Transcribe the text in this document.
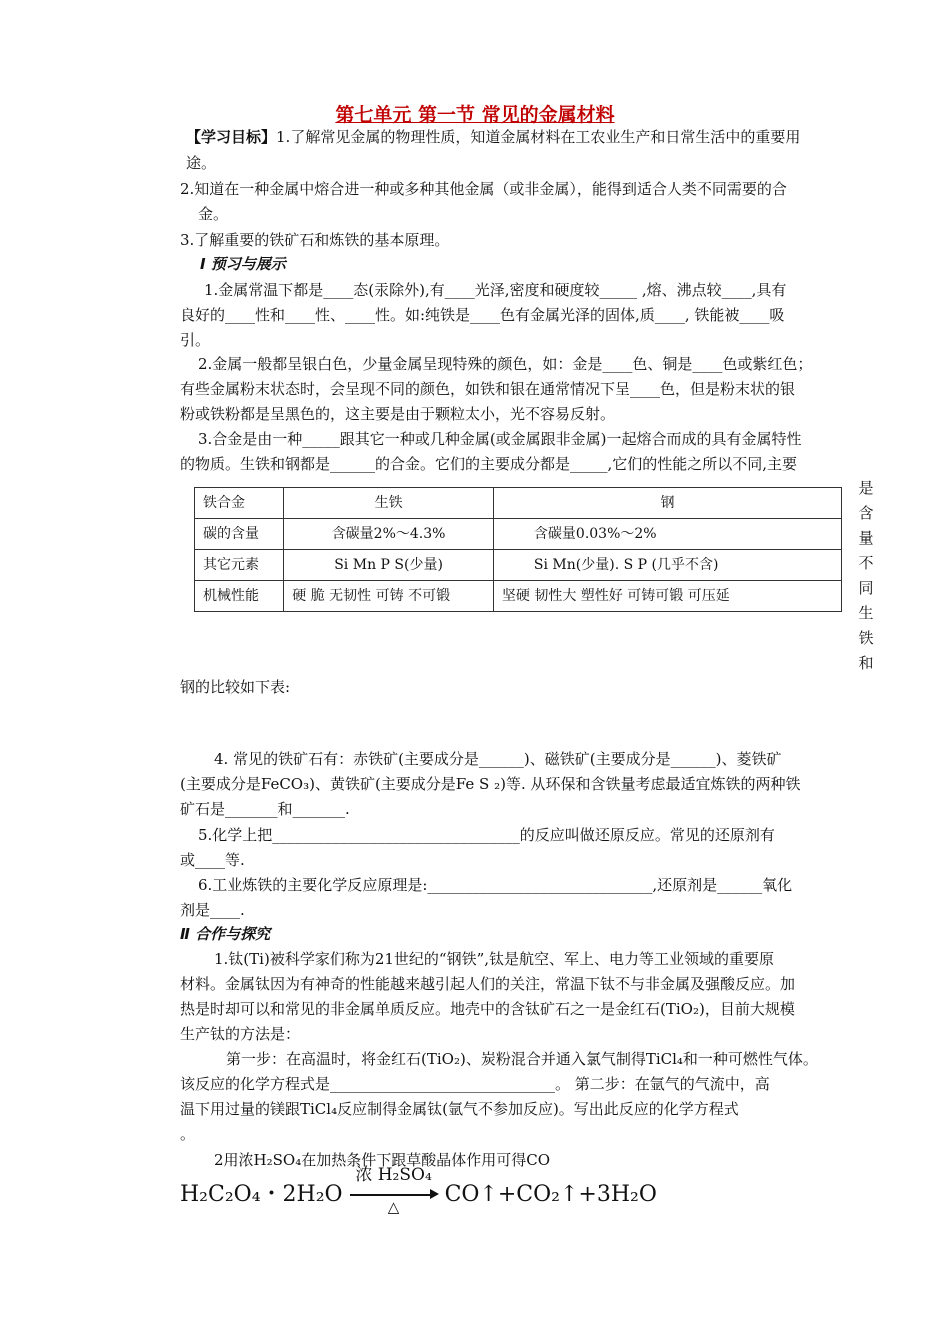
第七单元 第一节 常见的金属材料
【学习目标】1.了解常见金属的物理性质，知道金属材料在工农业生产和日常生活中的重要用
途。
2.知道在一种金属中熔合进一种或多种其他金属（或非金属），能得到适合人类不同需要的合
金。
3.了解重要的铁矿石和炼铁的基本原理。
Ⅰ 预习与展示
1.金属常温下都是____态(汞除外),有____光泽,密度和硬度较_____ ,熔、沸点较____,具有
良好的____性和____性、____性。如:纯铁是____色有金属光泽的固体,质____, 铁能被____吸
引。
2.金属一般都呈银白色，少量金属呈现特殊的颜色，如：金是____色、铜是____色或紫红色；
有些金属粉末状态时，会呈现不同的颜色，如铁和银在通常情况下呈____色，但是粉末状的银
粉或铁粉都是呈黑色的，这主要是由于颗粒太小，光不容易反射。
3.合金是由一种_____跟其它一种或几种金属(或金属跟非金属)一起熔合而成的具有金属特性
的物质。生铁和钢都是______的合金。它们的主要成分都是_____,它们的性能之所以不同,主要
是
含
量
不
同
生
铁
和
铁合金	生铁	钢
碳的含量	含碳量2%～4.3%	含碳量0.03%～2%
其它元素	Si Mn P S(少量)	Si Mn(少量). S P (几乎不含)
机械性能	硬 脆 无韧性 可铸 不可锻	坚硬 韧性大 塑性好 可铸可锻 可压延
钢的比较如下表:
4. 常见的铁矿石有：赤铁矿(主要成分是______)、磁铁矿(主要成分是______)、菱铁矿
(主要成分是FeCO₃)、黄铁矿(主要成分是Fe S ₂)等. 从环保和含铁量考虑最适宜炼铁的两种铁
矿石是_______和_______.
5.化学上把_________________________________的反应叫做还原反应。常见的还原剂有
或____等.
6.工业炼铁的主要化学反应原理是:______________________________,还原剂是______氧化
剂是____.
Ⅱ 合作与探究
1.钛(Ti)被科学家们称为21世纪的“钢铁”,钛是航空、军上、电力等工业领域的重要原
材料。金属钛因为有神奇的性能越来越引起人们的关注，常温下钛不与非金属及强酸反应。加
热是时却可以和常见的非金属单质反应。地壳中的含钛矿石之一是金红石(TiO₂)，目前大规模
生产钛的方法是：
第一步：在高温时，将金红石(TiO₂)、炭粉混合并通入氯气制得TiCl₄和一种可燃性气体。
该反应的化学方程式是______________________________。 第二步：在氩气的气流中，高
温下用过量的镁跟TiCl₄反应制得金属钛(氩气不参加反应)。写出此反应的化学方程式
。
2用浓H₂SO₄在加热条件下跟草酸晶体作用可得CO
H₂C₂O₄・2H₂O
浓 H₂SO₄
△	CO↑+CO₂↑+3H₂O
